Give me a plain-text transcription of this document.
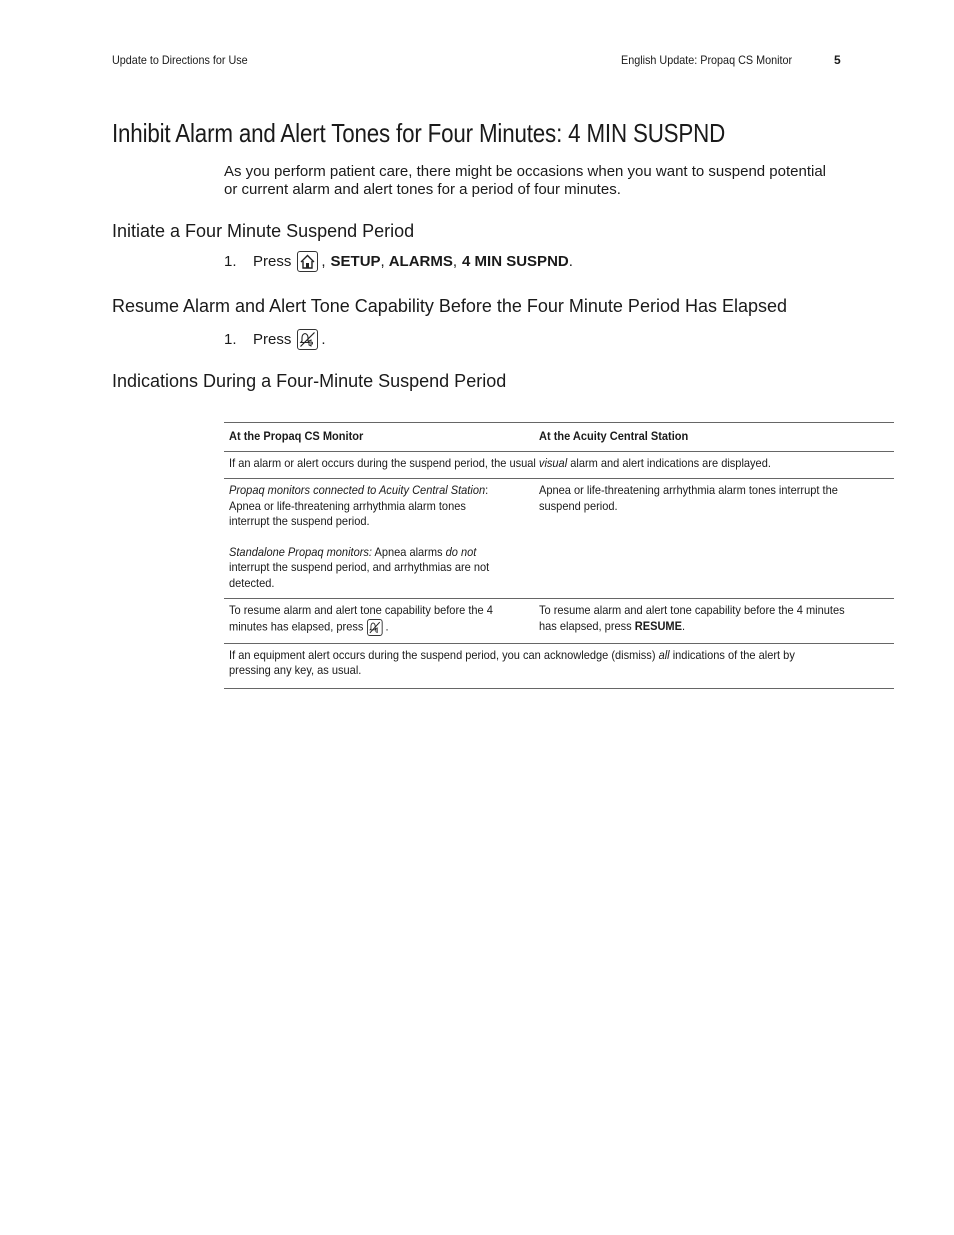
Update to Directions for Use	English Update: Propaq CS Monitor	5
Inhibit Alarm and Alert Tones for Four Minutes: 4 MIN SUSPND

As you perform patient care, there might be occasions when you want to suspend potential or current alarm and alert tones for a period of four minutes.

Initiate a Four Minute Suspend Period
1.	Press , SETUP , ALARMS , 4 MIN SUSPND .
Resume Alarm and Alert Tone Capability Before the Four Minute Period Has Elapsed
1.	Press .
Indications During a Four-Minute Suspend Period
At the Propaq CS Monitor	At the Acuity Central Station

If an alarm or alert occurs during the suspend period, the usual visual alarm and alert indications are displayed.	

Propaq monitors connected to Acuity Central Station: Apnea or life-threatening arrhythmia alarm tones interrupt the suspend period.
Standalone Propaq monitors: Apnea alarms do not interrupt the suspend period, and arrhythmias are not detected.	Apnea or life-threatening arrhythmia alarm tones interrupt the suspend period.

To resume alarm and alert tone capability before the 4 minutes has elapsed, press .	To resume alarm and alert tone capability before the 4 minutes has elapsed, press RESUME.

If an equipment alert occurs during the suspend period, you can acknowledge (dismiss) all indications of the alert by pressing any key, as usual.	
